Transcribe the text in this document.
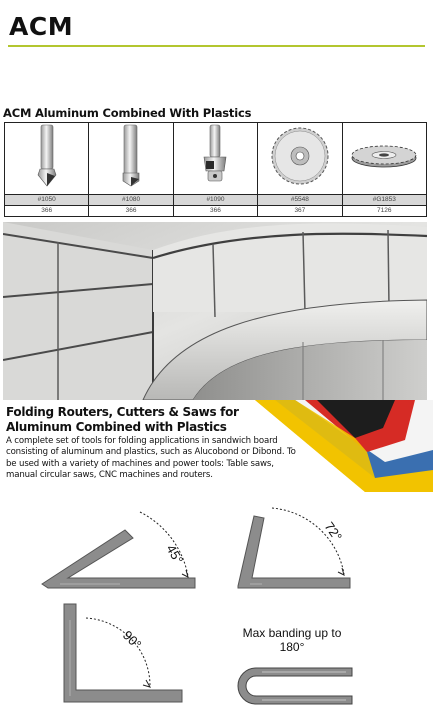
ACM
ACM Aluminum Combined With Plastics

#1050	#1080	#1090	#5548	#G1853
366	366	366	367	7126
Folding Routers, Cutters & Saws for
Aluminum Combined with Plastics
A complete set of tools for folding applications in sandwich board consisting of aluminum and plastics, such as Alucobond or Dibond. To be used with a variety of machines and power tools: Table saws, manual circular saws, CNC machines and routers.
45°
72°
90°	Max banding up to
180°
